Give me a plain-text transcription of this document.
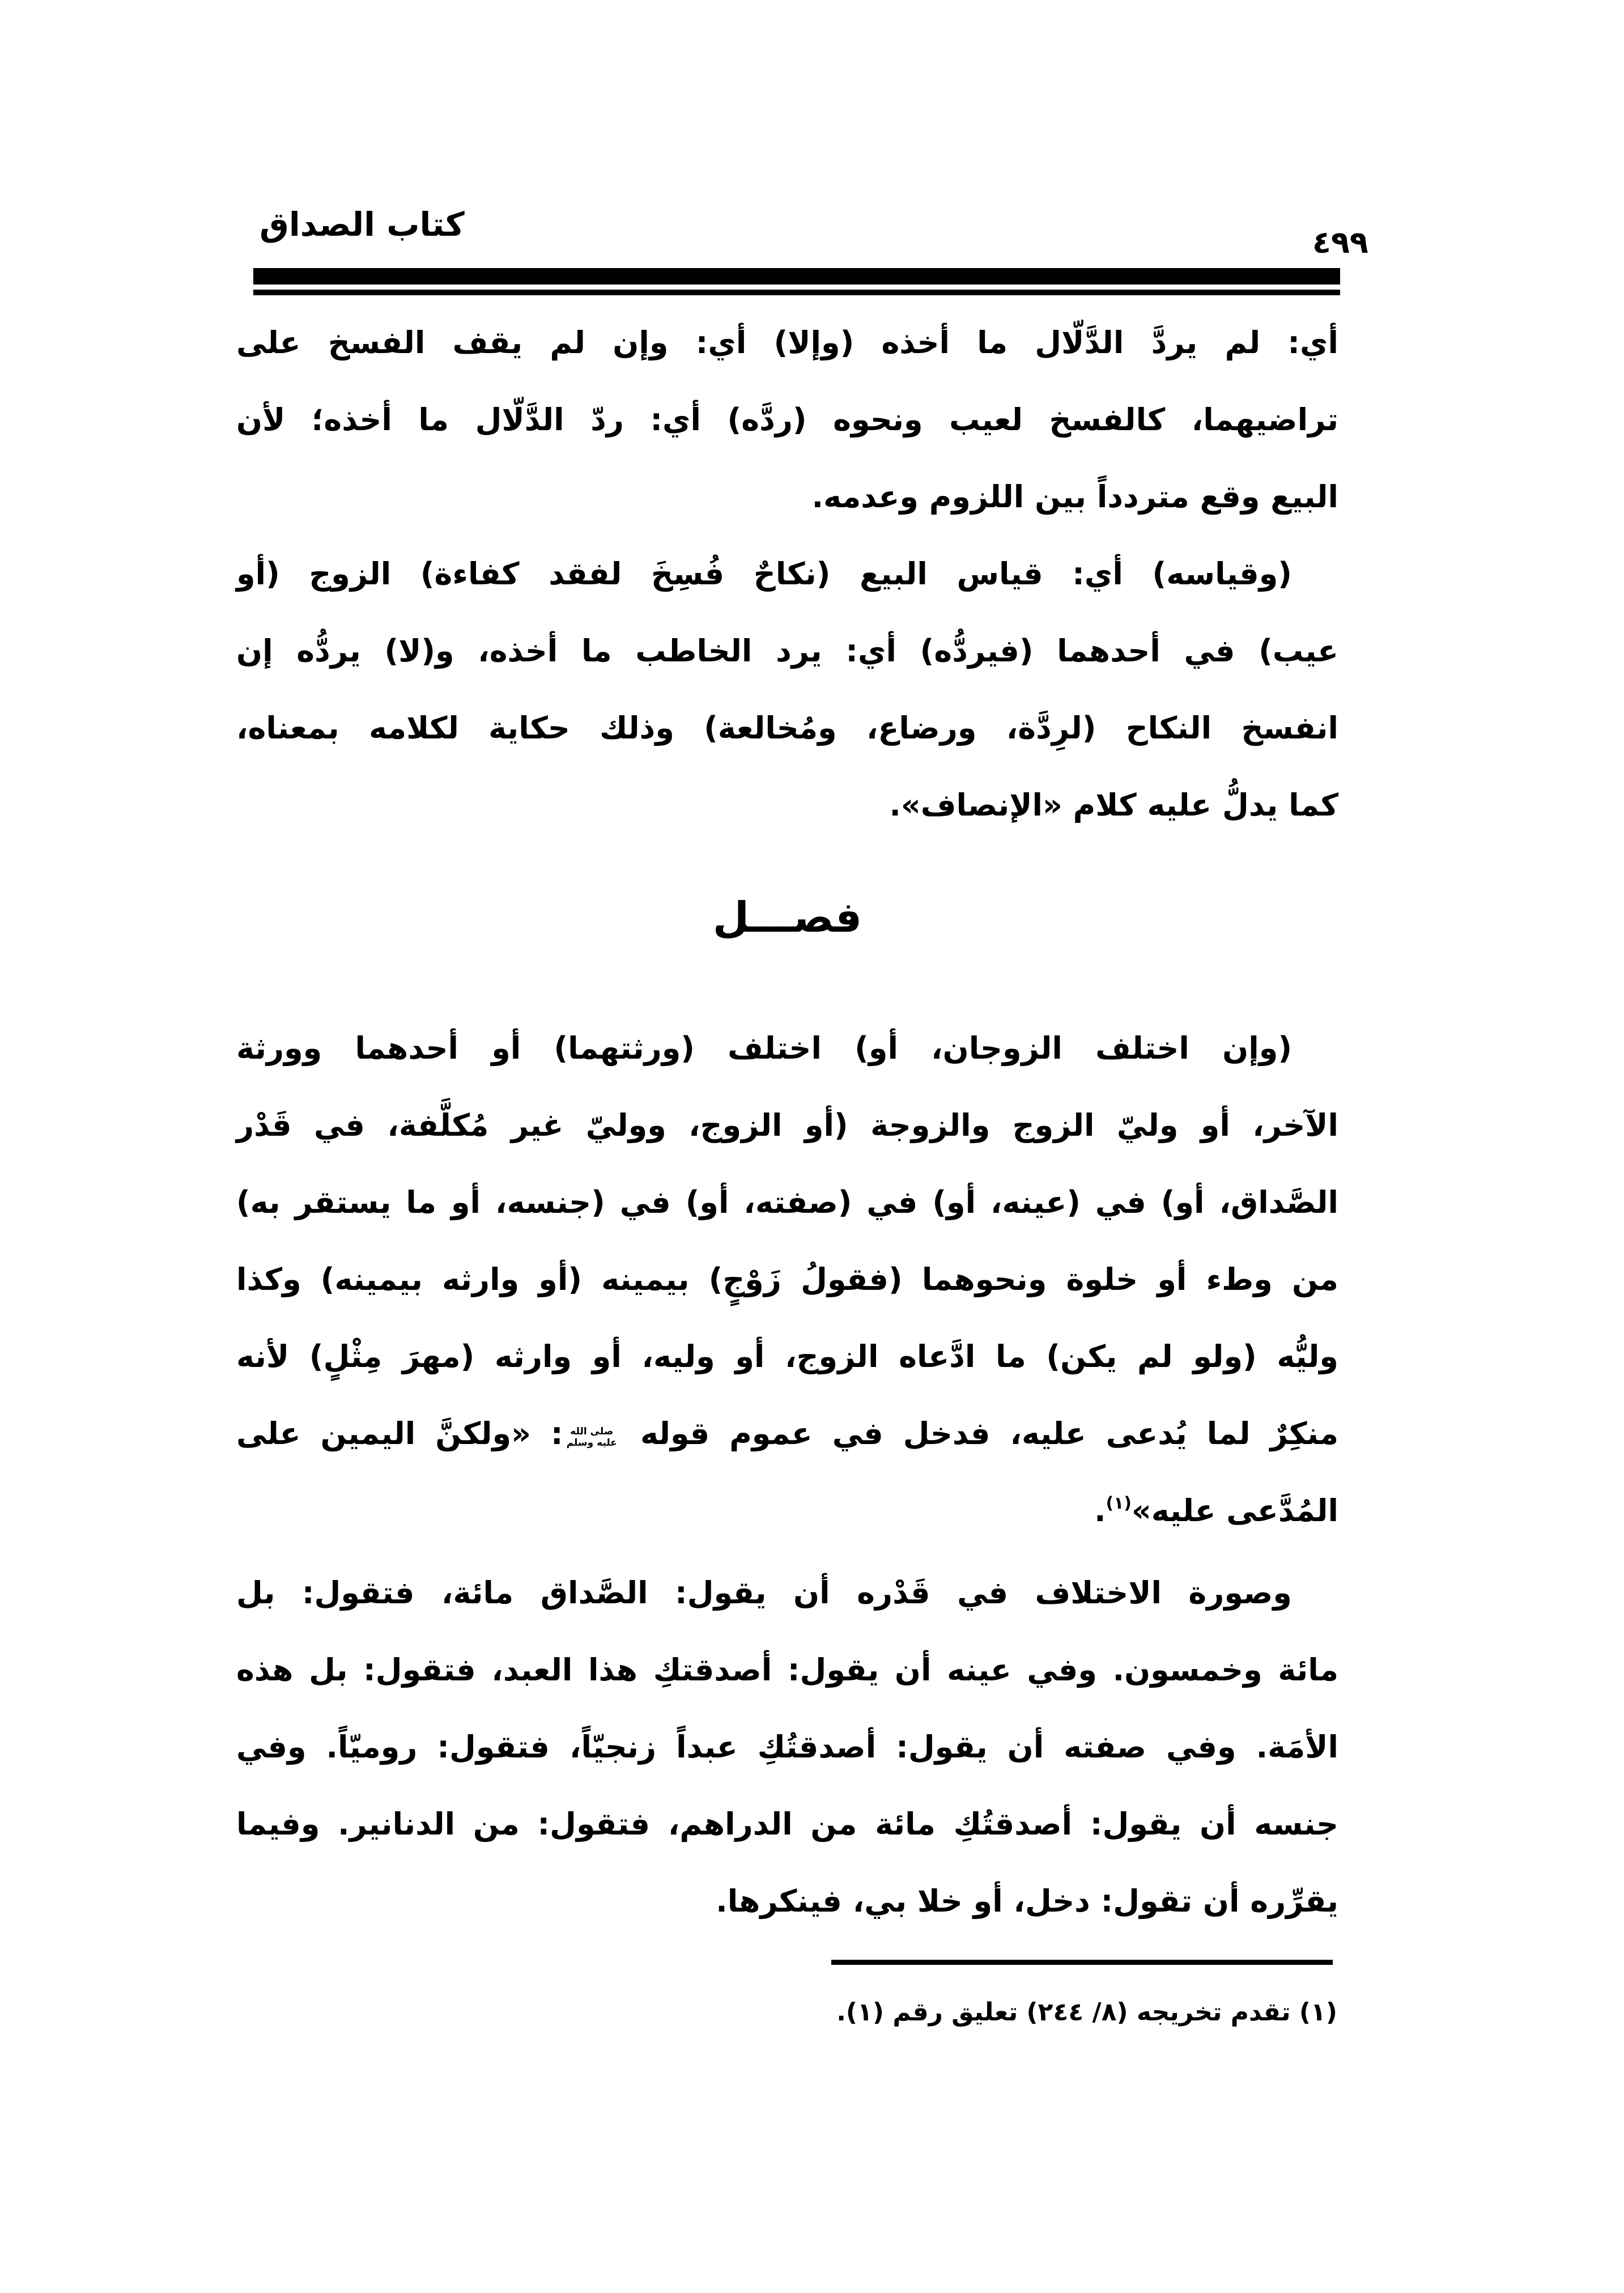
كتاب الصداق	٤٩٩
أي: لم يردَّ الدَّلّال ما أخذه (وإلا) أي: وإن لم يقف الفسخ على
تراضيهما، كالفسخ لعيب ونحوه (ردَّه) أي: ردّ الدَّلّال ما أخذه؛ لأن
البيع وقع متردداً بين اللزوم وعدمه.
(وقياسه) أي: قياس البيع (نكاحٌ فُسِخَ لفقد كفاءة) الزوج (أو
عيب) في أحدهما (فيردُّه) أي: يرد الخاطب ما أخذه، و(لا) يردُّه إن
انفسخ النكاح (لرِدَّة، ورضاع، ومُخالعة) وذلك حكاية لكلامه بمعناه،
كما يدلُّ عليه كلام «الإنصاف».
فصـــل
(وإن اختلف الزوجان، أو) اختلف (ورثتهما) أو أحدهما وورثة
الآخر، أو وليّ الزوج والزوجة (أو الزوج، ووليّ غير مُكلَّفة، في قَدْر
الصَّداق، أو) في (عينه، أو) في (صفته، أو) في (جنسه، أو ما يستقر به)
من وطء أو خلوة ونحوهما (فقولُ زَوْجٍ) بيمينه (أو وارثه بيمينه) وكذا
وليُّه (ولو لم يكن) ما ادَّعاه الزوج، أو وليه، أو وارثه (مهرَ مِثْلٍ) لأنه
منكِرٌ لما يُدعى عليه، فدخل في عموم قوله
صلى الله
عليه وسلم
: «ولكنَّ اليمين على
المُدَّعى عليه»$^{(١)}$.
وصورة الاختلاف في قَدْره أن يقول: الصَّداق مائة، فتقول: بل
مائة وخمسون. وفي عينه أن يقول: أصدقتكِ هذا العبد، فتقول: بل هذه
الأمَة. وفي صفته أن يقول: أصدقتُكِ عبداً زنجيّاً، فتقول: روميّاً. وفي
جنسه أن يقول: أصدقتُكِ مائة من الدراهم، فتقول: من الدنانير. وفيما
يقرِّره أن تقول: دخل، أو خلا بي، فينكرها.
(١) تقدم تخريجه (٨/ ٢٤٤) تعليق رقم (١).
